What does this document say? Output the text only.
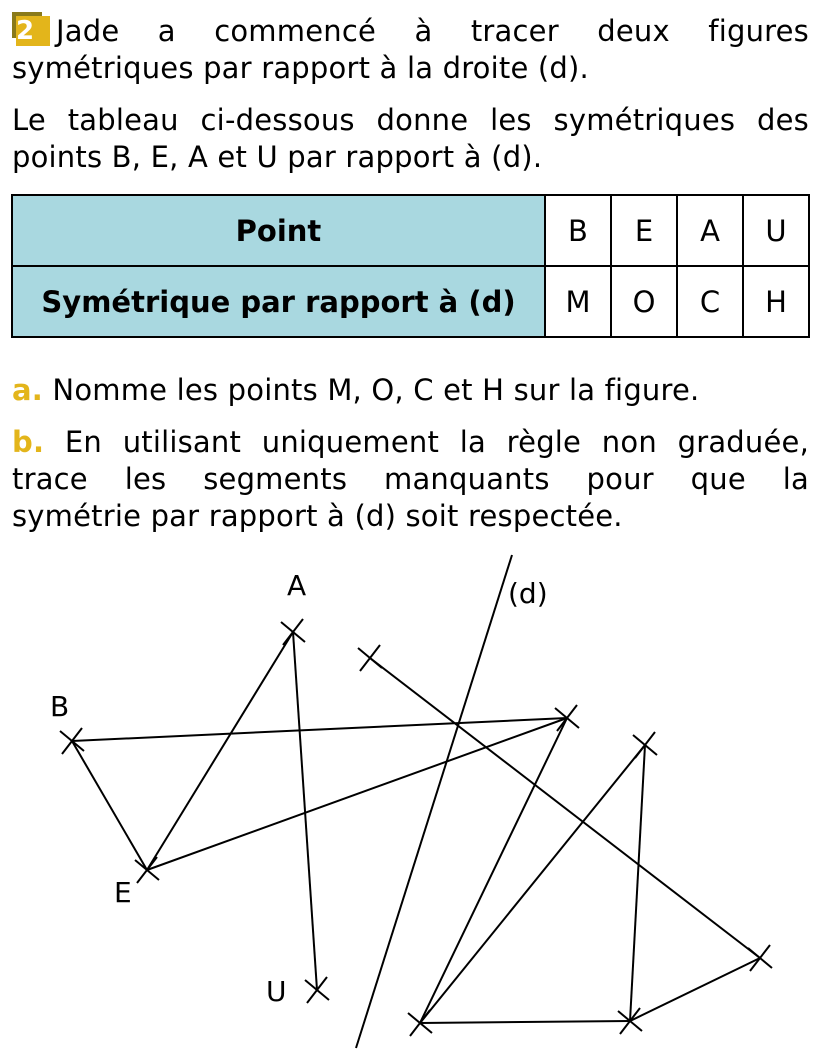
2 Jade a commencé à tracer deux figures
symétriques par rapport à la droite (d).
Le tableau ci-dessous donne les symétriques des
points B, E, A et U par rapport à (d).
Point	B	E	A	U
Symétrique par rapport à (d)	M	O	C	H
a. Nomme les points M, O, C et H sur la figure.
b. En utilisant uniquement la règle non graduée,
trace les segments manquants pour que la
symétrie par rapport à (d) soit respectée.
(d)
A
B
E
U
